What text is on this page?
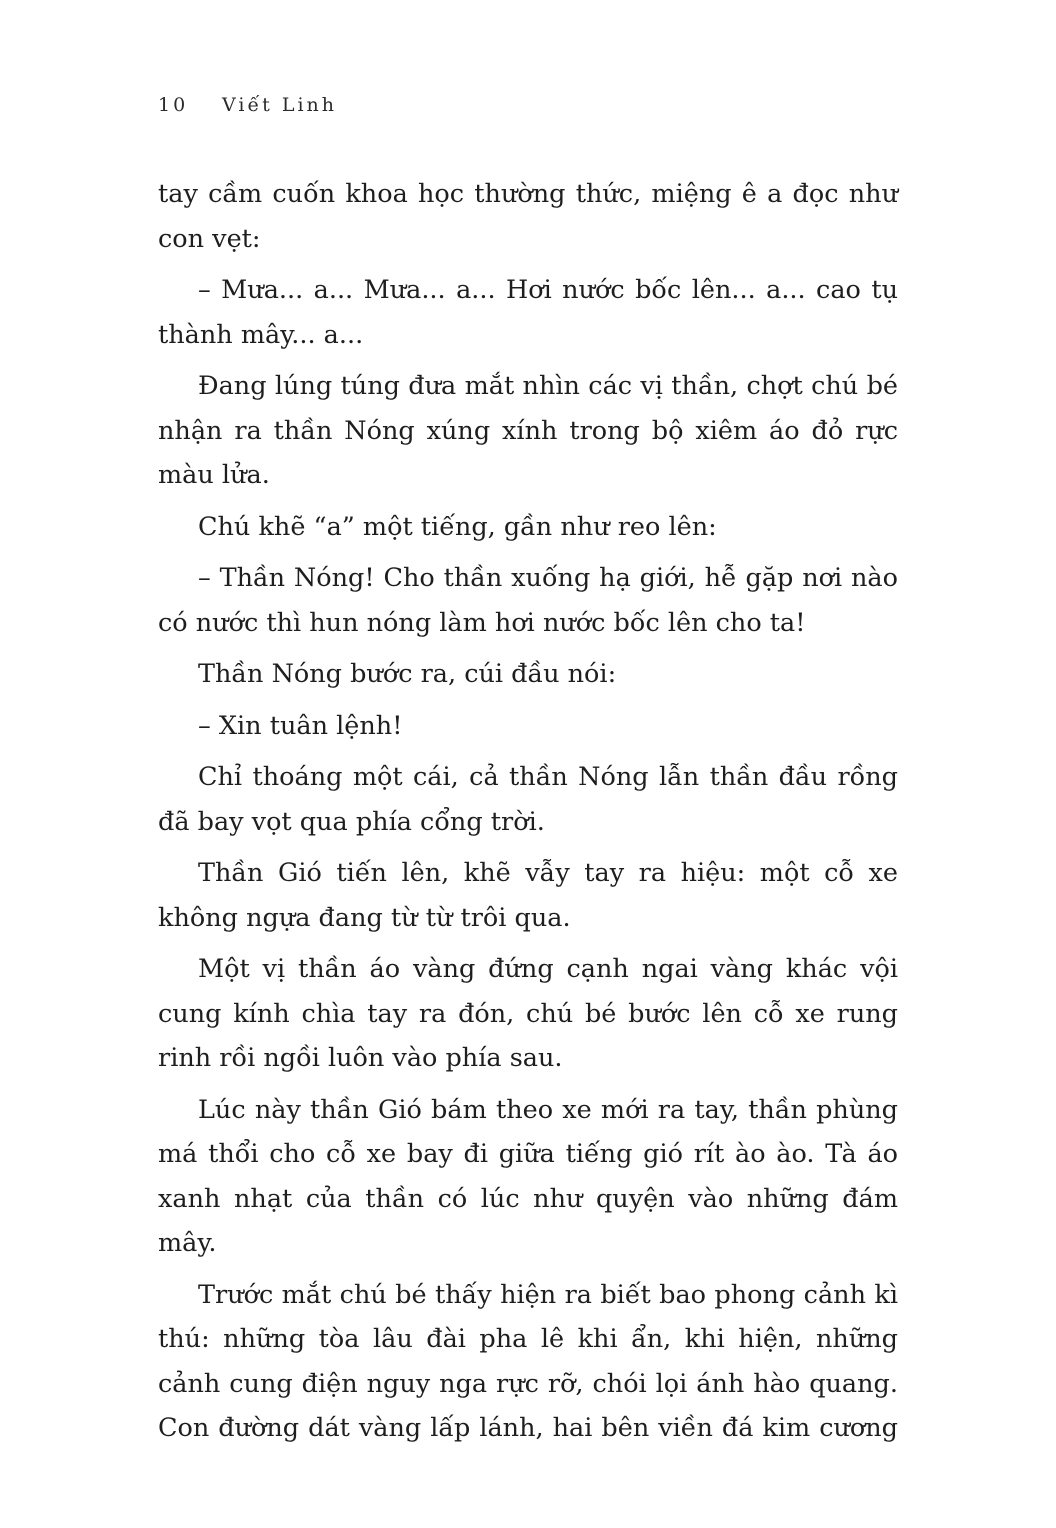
10 Viết Linh

tay cầm cuốn khoa học thường thức, miệng ê a đọc như con vẹt:

– Mưa... a... Mưa... a... Hơi nước bốc lên... a... cao tụ thành mây... a...

Đang lúng túng đưa mắt nhìn các vị thần, chợt chú bé nhận ra thần Nóng xúng xính trong bộ xiêm áo đỏ rực màu lửa.

Chú khẽ “a” một tiếng, gần như reo lên:

– Thần Nóng! Cho thần xuống hạ giới, hễ gặp nơi nào có nước thì hun nóng làm hơi nước bốc lên cho ta!

Thần Nóng bước ra, cúi đầu nói:

– Xin tuân lệnh!

Chỉ thoáng một cái, cả thần Nóng lẫn thần đầu rồng đã bay vọt qua phía cổng trời.

Thần Gió tiến lên, khẽ vẫy tay ra hiệu: một cỗ xe không ngựa đang từ từ trôi qua.

Một vị thần áo vàng đứng cạnh ngai vàng khác vội cung kính chìa tay ra đón, chú bé bước lên cỗ xe rung rinh rồi ngồi luôn vào phía sau.

Lúc này thần Gió bám theo xe mới ra tay, thần phùng má thổi cho cỗ xe bay đi giữa tiếng gió rít ào ào. Tà áo xanh nhạt của thần có lúc như quyện vào những đám mây.

Trước mắt chú bé thấy hiện ra biết bao phong cảnh kì thú: những tòa lâu đài pha lê khi ẩn, khi hiện, những cảnh cung điện nguy nga rực rỡ, chói lọi ánh hào quang. Con đường dát vàng lấp lánh, hai bên viền đá kim cương
